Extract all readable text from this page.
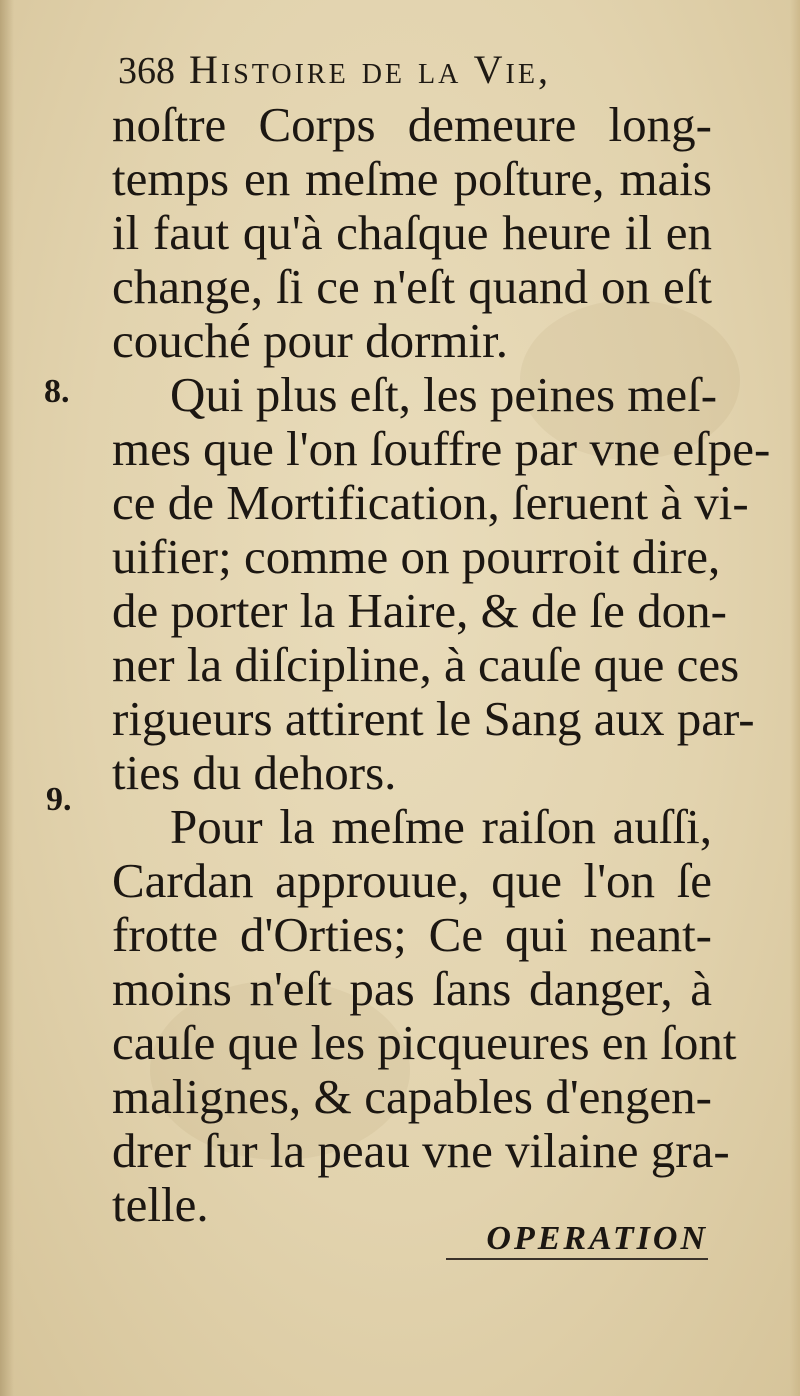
368 Histoire de la Vie,
8.
9.
noſtre Corps demeure long-
temps en meſme poſture, mais
il faut qu'à chaſque heure il en
change, ſi ce n'eſt quand on eſt
couché pour dormir.
Qui plus eſt, les peines meſ-
mes que l'on ſouffre par vne eſpe-
ce de Mortification, ſeruent à vi-
uifier; comme on pourroit dire,
de porter la Haire, & de ſe don-
ner la diſcipline, à cauſe que ces
rigueurs attirent le Sang aux par-
ties du dehors.
Pour la meſme raiſon auſſi,
Cardan approuue, que l'on ſe
frotte d'Orties; Ce qui neant-
moins n'eſt pas ſans danger, à
cauſe que les picqueures en ſont
malignes, & capables d'engen-
drer ſur la peau vne vilaine gra-
telle.
OPERATION
